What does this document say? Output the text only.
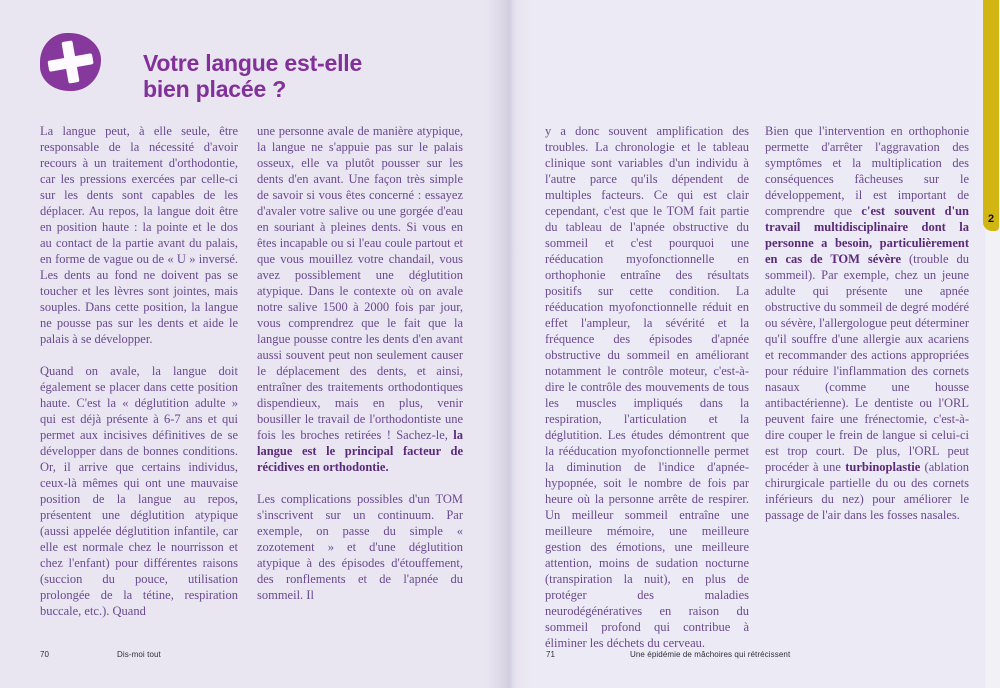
Votre langue est-elle bien placée ?

La langue peut, à elle seule, être responsable de la nécessité d'avoir recours à un traitement d'orthodontie, car les pressions exercées par celle-ci sur les dents sont capables de les déplacer. Au repos, la langue doit être en position haute : la pointe et le dos au contact de la partie avant du palais, en forme de vague ou de « U » inversé. Les dents au fond ne doivent pas se toucher et les lèvres sont jointes, mais souples. Dans cette position, la langue ne pousse pas sur les dents et aide le palais à se développer.

Quand on avale, la langue doit également se placer dans cette position haute. C'est la « déglutition adulte » qui est déjà présente à 6-7 ans et qui permet aux incisives définitives de se développer dans de bonnes conditions. Or, il arrive que certains individus, ceux-là mêmes qui ont une mauvaise position de la langue au repos, présentent une déglutition atypique (aussi appelée déglutition infantile, car elle est normale chez le nourrisson et chez l'enfant) pour différentes raisons (succion du pouce, utilisation prolongée de la tétine, respiration buccale, etc.). Quand

une personne avale de manière atypique, la langue ne s'appuie pas sur le palais osseux, elle va plutôt pousser sur les dents d'en avant. Une façon très simple de savoir si vous êtes concerné : essayez d'avaler votre salive ou une gorgée d'eau en souriant à pleines dents. Si vous en êtes incapable ou si l'eau coule partout et que vous mouillez votre chandail, vous avez possiblement une déglutition atypique. Dans le contexte où on avale notre salive 1500 à 2000 fois par jour, vous comprendrez que le fait que la langue pousse contre les dents d'en avant aussi souvent peut non seulement causer le déplacement des dents, et ainsi, entraîner des traitements orthodontiques dispendieux, mais en plus, venir bousiller le travail de l'orthodontiste une fois les broches retirées ! Sachez-le, la langue est le principal facteur de récidives en orthodontie.

Les complications possibles d'un TOM s'inscrivent sur un continuum. Par exemple, on passe du simple « zozotement » et d'une déglutition atypique à des épisodes d'étouffement, des ronflements et de l'apnée du sommeil. Il

y a donc souvent amplification des troubles. La chronologie et le tableau clinique sont variables d'un individu à l'autre parce qu'ils dépendent de multiples facteurs. Ce qui est clair cependant, c'est que le TOM fait partie du tableau de l'apnée obstructive du sommeil et c'est pourquoi une rééducation myofonctionnelle en orthophonie entraîne des résultats positifs sur cette condition. La rééducation myofonctionnelle réduit en effet l'ampleur, la sévérité et la fréquence des épisodes d'apnée obstructive du sommeil en améliorant notamment le contrôle moteur, c'est-à-dire le contrôle des mouvements de tous les muscles impliqués dans la respiration, l'articulation et la déglutition. Les études démontrent que la rééducation myofonctionnelle permet la diminution de l'indice d'apnée-hypopnée, soit le nombre de fois par heure où la personne arrête de respirer. Un meilleur sommeil entraîne une meilleure mémoire, une meilleure gestion des émotions, une meilleure attention, moins de sudation nocturne (transpiration la nuit), en plus de protéger des maladies neurodégénératives en raison du sommeil profond qui contribue à éliminer les déchets du cerveau.

Bien que l'intervention en orthophonie permette d'arrêter l'aggravation des symptômes et la multiplication des conséquences fâcheuses sur le développement, il est important de comprendre que c'est souvent d'un travail multidisciplinaire dont la personne a besoin, particulièrement en cas de TOM sévère (trouble du sommeil). Par exemple, chez un jeune adulte qui présente une apnée obstructive du sommeil de degré modéré ou sévère, l'allergologue peut déterminer qu'il souffre d'une allergie aux acariens et recommander des actions appropriées pour réduire l'inflammation des cornets nasaux (comme une housse antibactérienne). Le dentiste ou l'ORL peuvent faire une frénectomie, c'est-à-dire couper le frein de langue si celui-ci est trop court. De plus, l'ORL peut procéder à une turbinoplastie (ablation chirurgicale partielle du ou des cornets inférieurs du nez) pour améliorer le passage de l'air dans les fosses nasales.

70	Dis-moi tout	71	Une épidémie de mâchoires qui rétrécissent
2
